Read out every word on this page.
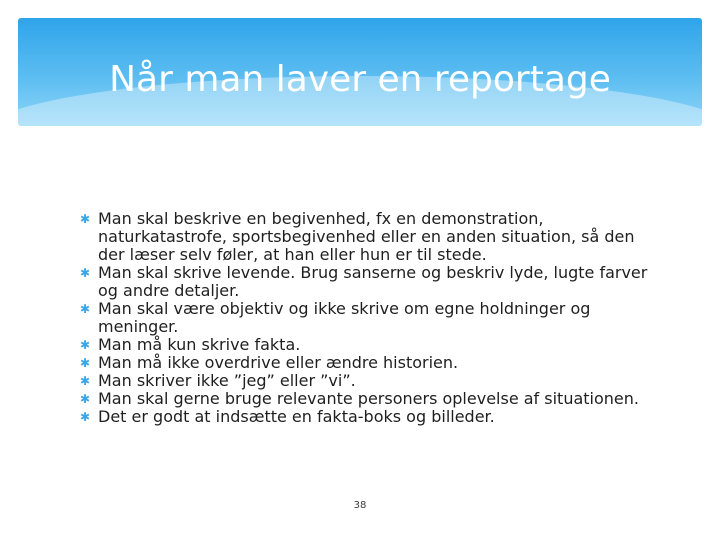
Når man laver en reportage
✱ Man skal beskrive en begivenhed, fx en demonstration, naturkatastrofe, sportsbegivenhed eller en anden situation, så den der læser selv føler, at han eller hun er til stede.
✱ Man skal skrive levende. Brug sanserne og beskriv lyde, lugte farver og andre detaljer.
✱ Man skal være objektiv og ikke skrive om egne holdninger og meninger.
✱ Man må kun skrive fakta.
✱ Man må ikke overdrive eller ændre historien.
✱ Man skriver ikke ”jeg” eller ”vi”.
✱ Man skal gerne bruge relevante personers oplevelse af situationen.
✱ Det er godt at indsætte en fakta-boks og billeder.
38
